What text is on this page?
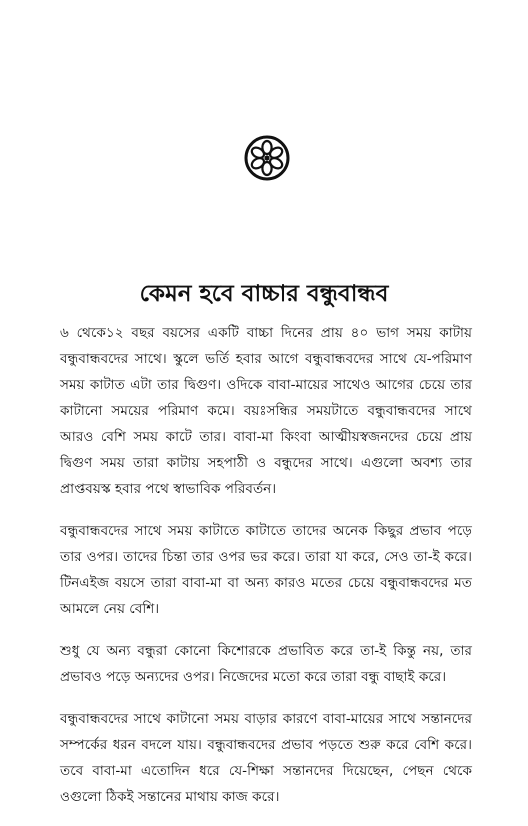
কেমন হবে বাচ্চার বন্ধুবান্ধব

৬ থেকে১২ বছর বয়সের একটি বাচ্চা দিনের প্রায় ৪০ ভাগ সময় কাটায় বন্ধুবান্ধবদের সাথে। স্কুলে ভর্তি হবার আগে বন্ধুবান্ধবদের সাথে যে-পরিমাণ সময় কাটাত এটা তার দ্বিগুণ। ওদিকে বাবা-মায়ের সাথেও আগের চেয়ে তার কাটানো সময়ের পরিমাণ কমে। বয়ঃসন্ধির সময়টাতে বন্ধুবান্ধবদের সাথে আরও বেশি সময় কাটে তার। বাবা-মা কিংবা আত্মীয়স্বজনদের চেয়ে প্রায় দ্বিগুণ সময় তারা কাটায় সহপাঠী ও বন্ধুদের সাথে। এগুলো অবশ্য তার প্রাপ্তবয়স্ক হবার পথে স্বাভাবিক পরিবর্তন।

বন্ধুবান্ধবদের সাথে সময় কাটাতে কাটাতে তাদের অনেক কিছুর প্রভাব পড়ে তার ওপর। তাদের চিন্তা তার ওপর ভর করে। তারা যা করে, সেও তা-ই করে। টিনএইজ বয়সে তারা বাবা-মা বা অন্য কারও মতের চেয়ে বন্ধুবান্ধবদের মত আমলে নেয় বেশি।

শুধু যে অন্য বন্ধুরা কোনো কিশোরকে প্রভাবিত করে তা-ই কিন্তু নয়, তার প্রভাবও পড়ে অন্যদের ওপর। নিজেদের মতো করে তারা বন্ধু বাছাই করে।

বন্ধুবান্ধবদের সাথে কাটানো সময় বাড়ার কারণে বাবা-মায়ের সাথে সন্তানদের সম্পর্কের ধরন বদলে যায়। বন্ধুবান্ধবদের প্রভাব পড়তে শুরু করে বেশি করে। তবে বাবা-মা এতোদিন ধরে যে-শিক্ষা সন্তানদের দিয়েছেন, পেছন থেকে ওগুলো ঠিকই সন্তানের মাথায় কাজ করে।
